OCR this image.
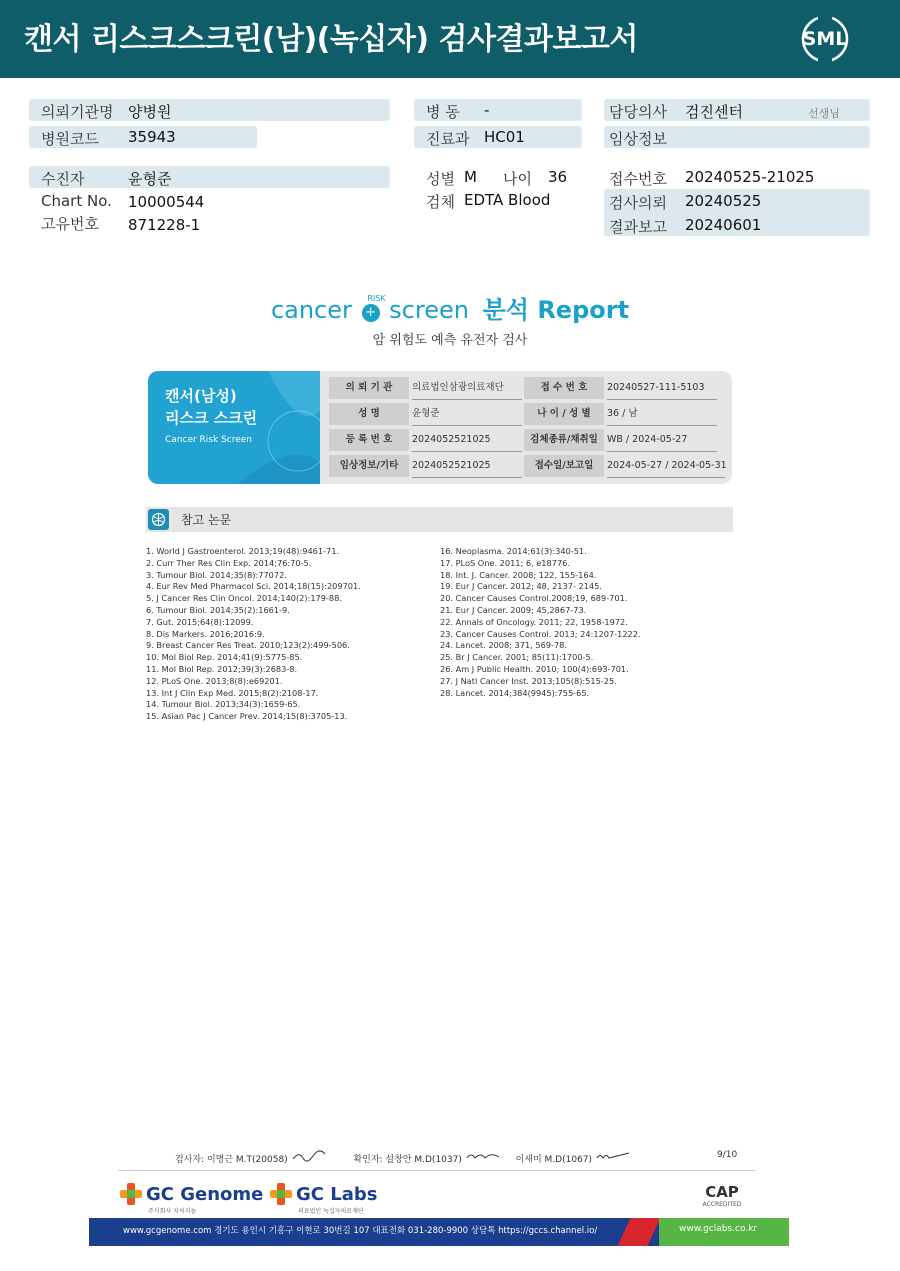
캔서 리스크스크린(남)(녹십자) 검사결과보고서	SML
의뢰기관명 양병원
병원코드 35943
병 동 -
진료과 HC01
담당의사 검진센터	선생님
임상정보
수진자	윤형준
Chart No. 10000544
고유번호 871228-1
성별 M 나이 36
검체 EDTA Blood
접수번호 20240525-21025
검사의뢰 20240525
결과보고 20240601
cancer +
RISK screen 분석 Report
암 위험도 예측 유전자 검사
캔서(남성)
리스크 스크린
Cancer Risk Screen
의 뢰 기 관	의료법인삼광의료재단	접 수 번 호	20240527-111-5103
성 명	윤형준	나 이 / 성 별	36 / 남
등 록 번 호	2024052521025	검체종류/채취일 WB / 2024-05-27
임상정보/기타	2024052521025	접수일/보고일	2024-05-27 / 2024-05-31
참고 논문
1. World J Gastroenterol. 2013;19(48):9461-71.
2. Curr Ther Res Clin Exp. 2014;76:70-5.
3. Tumour Biol. 2014;35(8):77072.
4. Eur Rev Med Pharmacol Sci. 2014;18(15):209701.
5. J Cancer Res Clin Oncol. 2014;140(2):179-88.
6. Tumour Biol. 2014;35(2):1661-9.
7. Gut. 2015;64(8):12099.
8. Dis Markers. 2016;2016:9.
9. Breast Cancer Res Treat. 2010;123(2):499-506.
10. Mol Biol Rep. 2014;41(9):5775-85.
11. Mol Biol Rep. 2012;39(3):2683-8.
12. PLoS One. 2013;8(8):e69201.
13. Int J Clin Exp Med. 2015;8(2):2108-17.
14. Tumour Biol. 2013;34(3):1659-65.
15. Asian Pac J Cancer Prev. 2014;15(8):3705-13.
16. Neoplasma. 2014;61(3):340-51.
17. PLoS One. 2011; 6, e18776.
18. Int. J. Cancer. 2008; 122, 155-164.
19. Eur J Cancer. 2012; 48, 2137- 2145.
20. Cancer Causes Control.2008;19, 689-701.
21. Eur J Cancer. 2009; 45,2867-73.
22. Annals of Oncology. 2011; 22, 1958-1972.
23. Cancer Causes Control. 2013; 24:1207-1222.
24. Lancet. 2008; 371, 569-78.
25. Br J Cancer. 2001; 85(11):1700-5.
26. Am J Public Health. 2010; 100(4):693-701.
27. J Natl Cancer Inst. 2013;105(8):515-25.
28. Lancet. 2014;384(9945):755-65.
검사자: 이명근 M.T(20058)	확인자: 설창안 M.D(1037)	이새미 M.D(1067)	9/10
GC Genome
주식회사 지씨지놈
GC Labs
의료법인 녹십자의료재단
CAP
ACCREDITED
www.gcgenome.com 경기도 용인시 기흥구 이현로 30번길 107 대표전화 031-280-9900 상담톡 https://gccs.channel.io/	www.gclabs.co.kr
